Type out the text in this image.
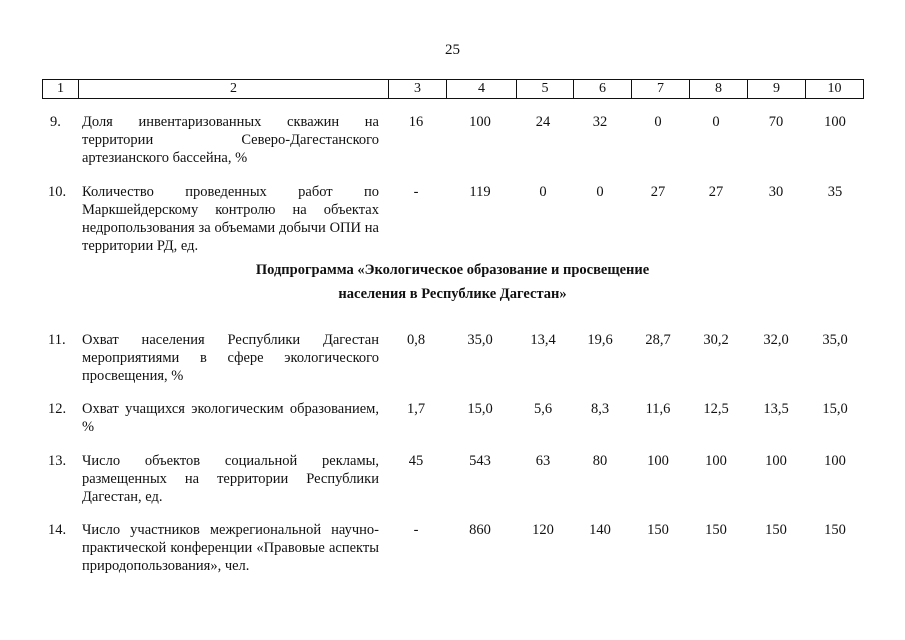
25
1	2	3	4	5	6	7	8	9	10
9. Доля инвентаризованных скважин на территории Северо-Дагестанского артезианского бассейна, %
16	100	24	32	0	0	70	100
10. Количество проведенных работ по Маркшейдерскому контролю на объектах недропользования за объемами добычи ОПИ на территории РД, ед.
-	119	0	0	27	27	30	35
Подпрограмма «Экологическое образование и просвещение
населения в Республике Дагестан»
11. Охват населения Республики Дагестан мероприятиями в сфере экологического просвещения, %
0,8	35,0	13,4	19,6	28,7	30,2	32,0	35,0
12. Охват учащихся экологическим образованием, %
1,7	15,0	5,6	8,3	11,6	12,5	13,5	15,0
13. Число объектов социальной рекламы, размещенных на территории Республики Дагестан, ед.
45	543	63	80	100	100	100	100
14. Число участников межрегиональной научно-практической конференции «Правовые аспекты природопользования», чел.
-	860	120	140	150	150	150	150
